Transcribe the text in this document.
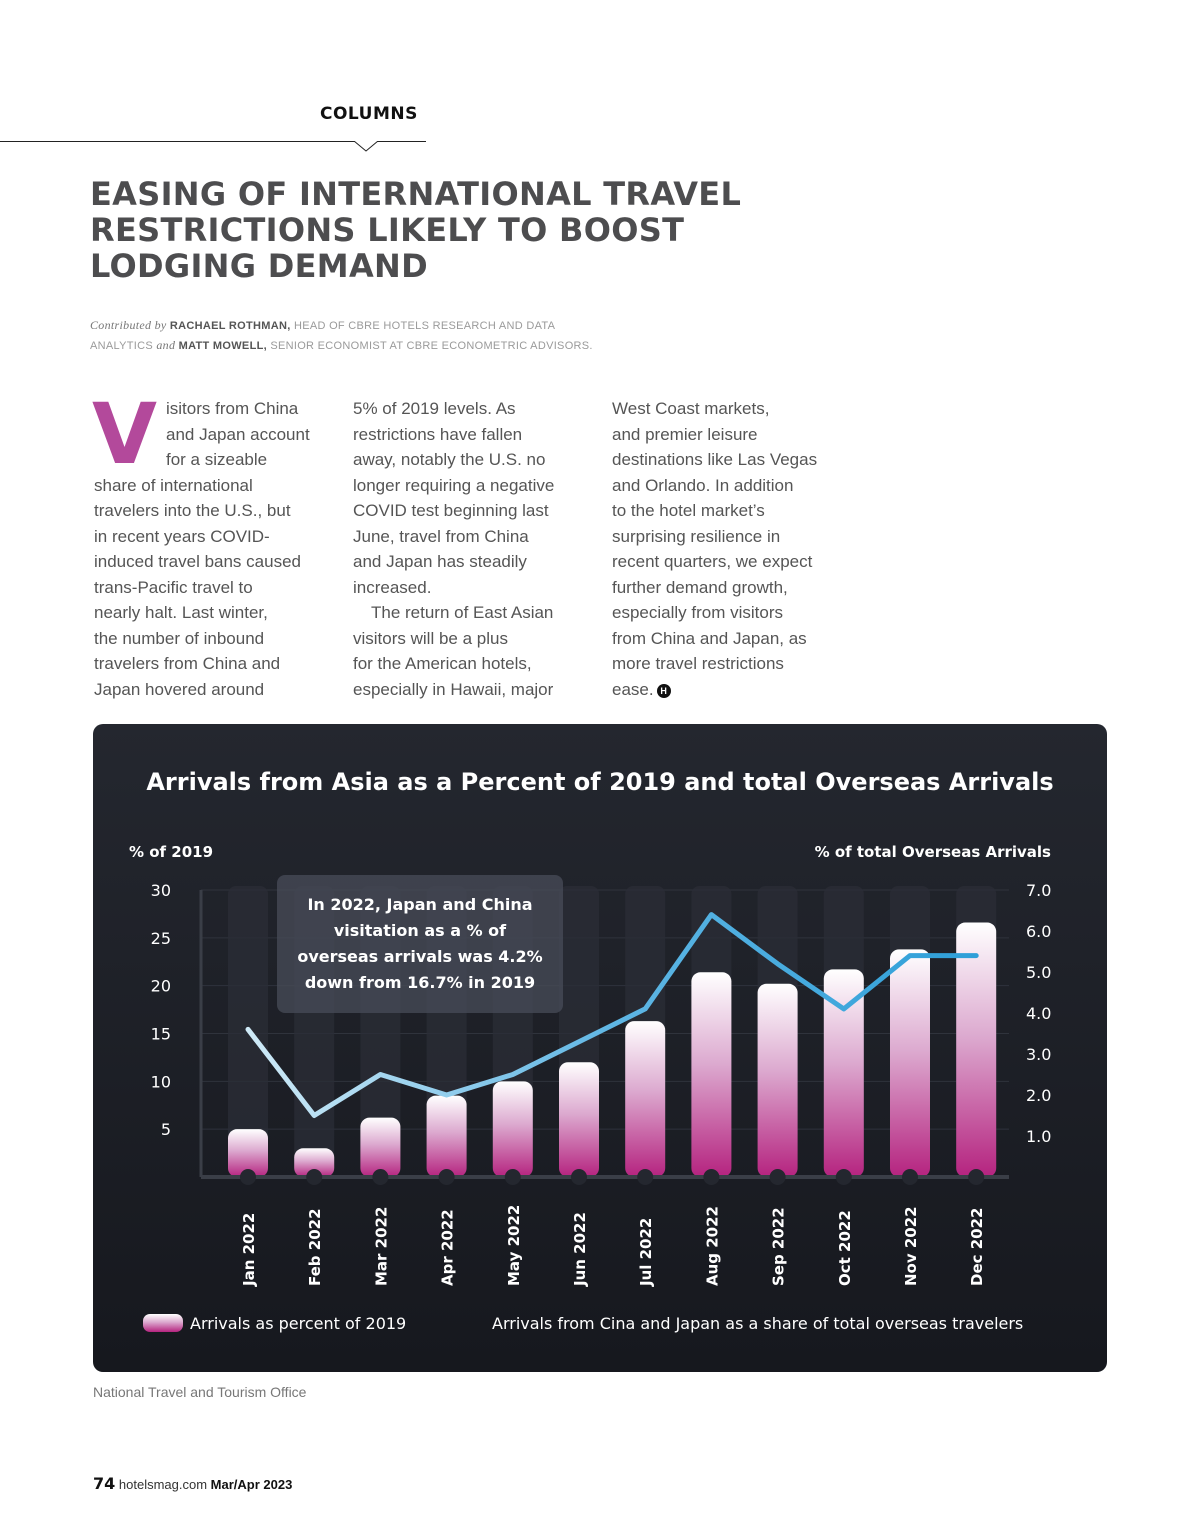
COLUMNS
EASING OF INTERNATIONAL TRAVEL
RESTRICTIONS LIKELY TO BOOST
LODGING DEMAND
Contributed by RACHAEL ROTHMAN, HEAD OF CBRE HOTELS RESEARCH AND DATA
ANALYTICS and MATT MOWELL, SENIOR ECONOMIST AT CBRE ECONOMETRIC ADVISORS.
V isitors from China
and Japan account
for a sizeable
share of international
travelers into the U.S., but
in recent years COVID-
induced travel bans caused
trans-Pacific travel to
nearly halt. Last winter,
the number of inbound
travelers from China and
Japan hovered around
5% of 2019 levels. As
restrictions have fallen
away, notably the U.S. no
longer requiring a negative
COVID test beginning last
June, travel from China
and Japan has steadily
increased.
The return of East Asian
visitors will be a plus
for the American hotels,
especially in Hawaii, major
West Coast markets,
and premier leisure
destinations like Las Vegas
and Orlando. In addition
to the hotel market’s
surprising resilience in
recent quarters, we expect
further demand growth,
especially from visitors
from China and Japan, as
more travel restrictions
ease. H
Arrivals from Asia as a Percent of 2019 and total Overseas Arrivals
% of 2019	% of total Overseas Arrivals
5
10
15
20
25
30
1.0
2.0
3.0
4.0
5.0
6.0
7.0
Jan 2022	Feb 2022	Mar 2022	Apr 2022	May 2022	Jun 2022	Jul 2022	Aug 2022	Sep 2022	Oct 2022	Nov 2022	Dec 2022
In 2022, Japan and China
visitation as a % of
overseas arrivals was 4.2%
down from 16.7% in 2019
Arrivals as percent of 2019	Arrivals from Cina and Japan as a share of total overseas travelers
National Travel and Tourism Office
74 hotelsmag.com Mar/Apr 2023
